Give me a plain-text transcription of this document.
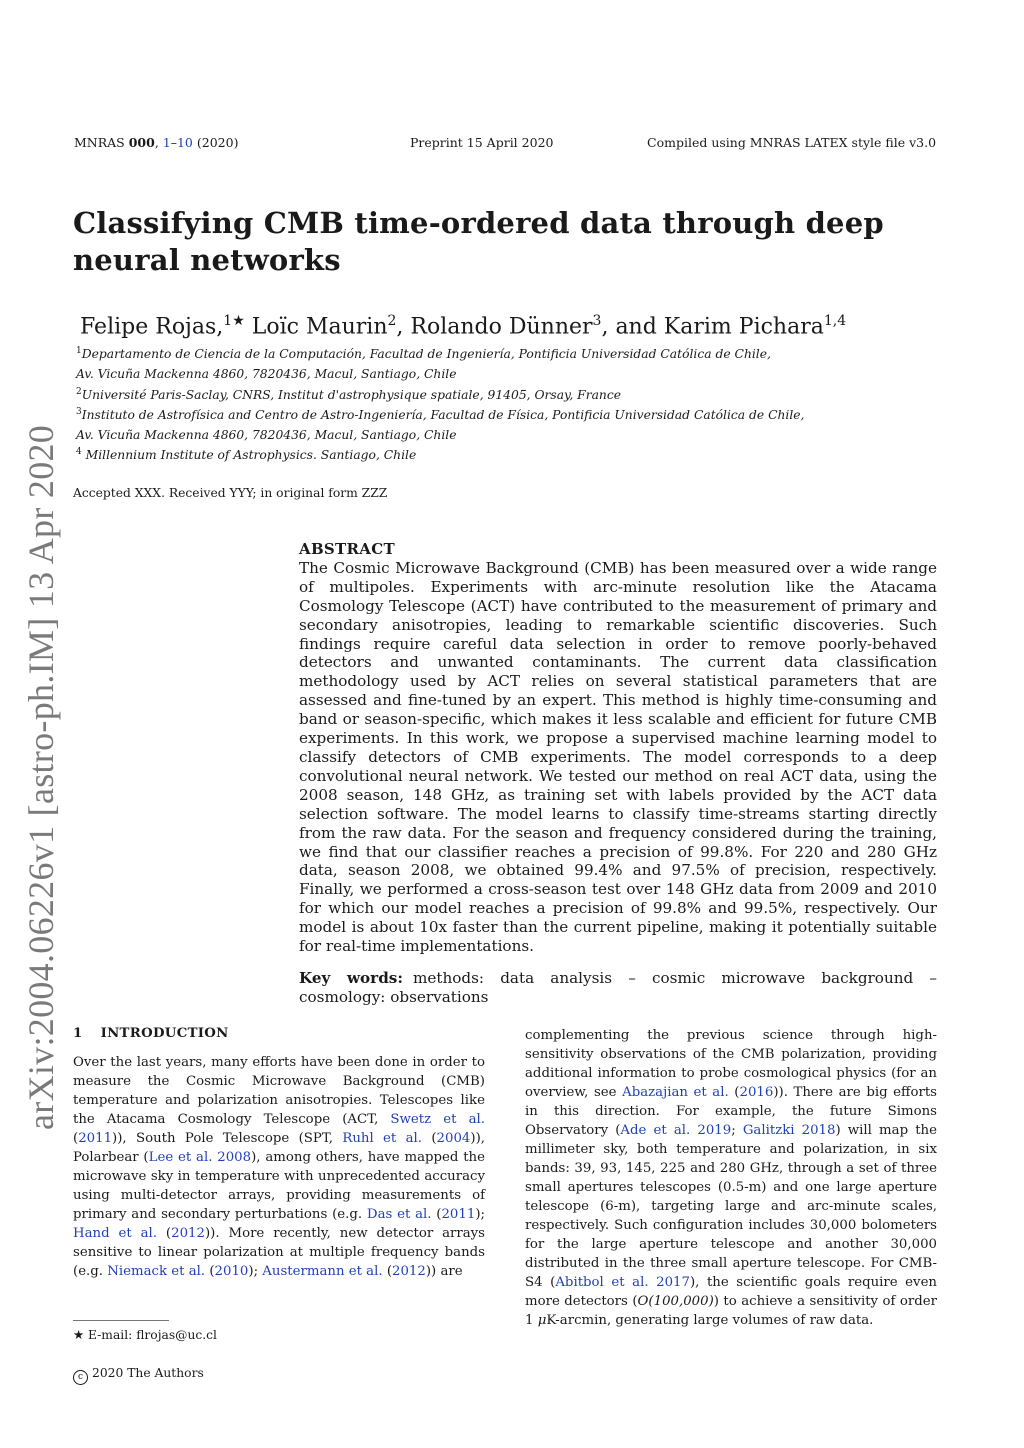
MNRAS 000, 1–10 (2020)	Preprint 15 April 2020	Compiled using MNRAS LATEX style file v3.0
Classifying CMB time-ordered data through deep neural networks
Felipe Rojas,$^{1★}$ Loïc Maurin$^2$, Rolando Dünner$^3$, and Karim Pichara$^{1,4}$
$^1$Departamento de Ciencia de la Computación, Facultad de Ingeniería, Pontificia Universidad Católica de Chile,
Av. Vicuña Mackenna 4860, 7820436, Macul, Santiago, Chile
$^2$Université Paris-Saclay, CNRS, Institut d'astrophysique spatiale, 91405, Orsay, France
$^3$Instituto de Astrofísica and Centro de Astro-Ingeniería, Facultad de Física, Pontificia Universidad Católica de Chile,
Av. Vicuña Mackenna 4860, 7820436, Macul, Santiago, Chile
$^4$ Millennium Institute of Astrophysics. Santiago, Chile
Accepted XXX. Received YYY; in original form ZZZ
ABSTRACT
The Cosmic Microwave Background (CMB) has been measured over a wide range of multipoles. Experiments with arc-minute resolution like the Atacama Cosmology Telescope (ACT) have contributed to the measurement of primary and secondary anisotropies, leading to remarkable scientific discoveries. Such findings require careful data selection in order to remove poorly-behaved detectors and unwanted contaminants. The current data classification methodology used by ACT relies on several statistical parameters that are assessed and fine-tuned by an expert. This method is highly time-consuming and band or season-specific, which makes it less scalable and efficient for future CMB experiments. In this work, we propose a supervised machine learning model to classify detectors of CMB experiments. The model corresponds to a deep convolutional neural network. We tested our method on real ACT data, using the 2008 season, 148 GHz, as training set with labels provided by the ACT data selection software. The model learns to classify time-streams starting directly from the raw data. For the season and frequency considered during the training, we find that our classifier reaches a precision of 99.8%. For 220 and 280 GHz data, season 2008, we obtained 99.4% and 97.5% of precision, respectively. Finally, we performed a cross-season test over 148 GHz data from 2009 and 2010 for which our model reaches a precision of 99.8% and 99.5%, respectively. Our model is about 10x faster than the current pipeline, making it potentially suitable for real-time implementations.
Key words: methods: data analysis – cosmic microwave background – cosmology: observations
arXiv:2004.06226v1 [astro-ph.IM] 13 Apr 2020 1 INTRODUCTION
Over the last years, many efforts have been done in order to measure the Cosmic Microwave Background (CMB) temperature and polarization anisotropies. Telescopes like the Atacama Cosmology Telescope (ACT, Swetz et al. (2011)), South Pole Telescope (SPT, Ruhl et al. (2004)), Polarbear (Lee et al. 2008), among others, have mapped the microwave sky in temperature with unprecedented accuracy using multi-detector arrays, providing measurements of primary and secondary perturbations (e.g. Das et al. (2011); Hand et al. (2012)). More recently, new detector arrays sensitive to linear polarization at multiple frequency bands (e.g. Niemack et al. (2010); Austermann et al. (2012)) are
complementing the previous science through high-sensitivity observations of the CMB polarization, providing additional information to probe cosmological physics (for an overview, see Abazajian et al. (2016)). There are big efforts in this direction. For example, the future Simons Observatory (Ade et al. 2019; Galitzki 2018) will map the millimeter sky, both temperature and polarization, in six bands: 39, 93, 145, 225 and 280 GHz, through a set of three small apertures telescopes (0.5-m) and one large aperture telescope (6-m), targeting large and arc-minute scales, respectively. Such configuration includes 30,000 bolometers for the large aperture telescope and another 30,000 distributed in the three small aperture telescope. For CMB-S4 (Abitbol et al. 2017), the scientific goals require even more detectors (O(100,000)) to achieve a sensitivity of order 1 μK-arcmin, generating large volumes of raw data.
★ E-mail: flrojas@uc.cl
c 2020 The Authors
